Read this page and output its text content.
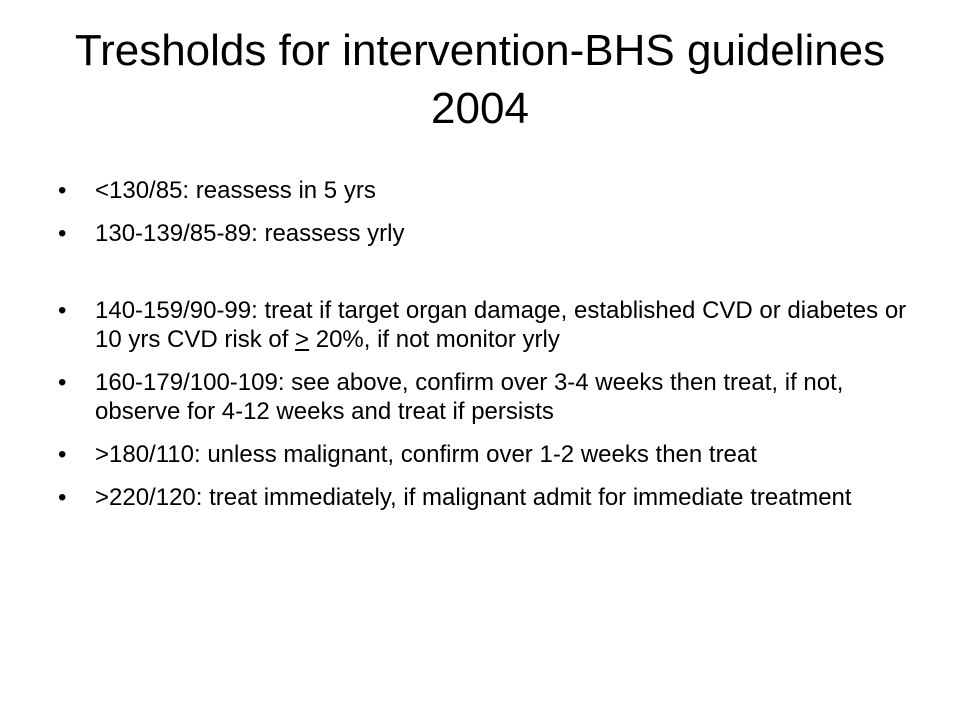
Tresholds for intervention-BHS guidelines 2004
• <130/85: reassess in 5 yrs
• 130-139/85-89: reassess yrly
• 140-159/90-99: treat if target organ damage, established CVD or diabetes or 10 yrs CVD risk of ≥ 20%, if not monitor yrly
• 160-179/100-109: see above, confirm over 3-4 weeks then treat, if not, observe for 4-12 weeks and treat if persists
• >180/110: unless malignant, confirm over 1-2 weeks then treat
• >220/120: treat immediately, if malignant admit for immediate treatment
